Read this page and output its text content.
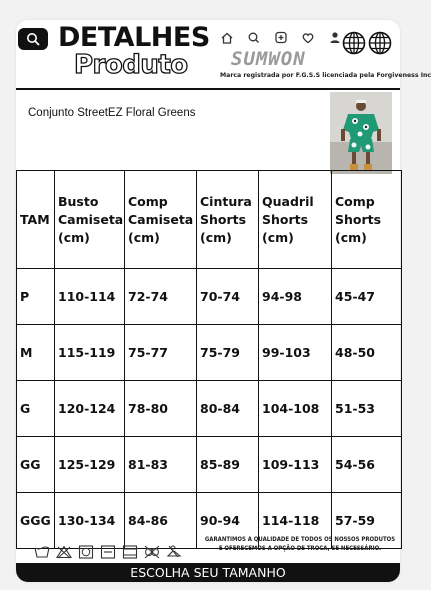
DETALHES
Produto SUMWON
Marca registrada por F.G.S.S licenciada pela Forgiveness Inc
Conjunto StreetEZ Floral Greens
TAM	Busto
Camiseta
(cm)	Comp
Camiseta
(cm)	Cintura
Shorts
(cm)	Quadril
Shorts
(cm)	Comp
Shorts
(cm)
P	110-114	72-74	70-74	94-98	45-47
M	115-119	75-77	75-79	99-103	48-50
G	120-124	78-80	80-84	104-108	51-53
GG	125-129	81-83	85-89	109-113	54-56
GGG	130-134	84-86	90-94	114-118	57-59
GARANTIMOS A QUALIDADE DE TODOS OS NOSSOS PRODUTOS E OFERECEMOS A OPÇÃO DE TROCA, SE NECESSÁRIO.
ESCOLHA SEU TAMANHO
